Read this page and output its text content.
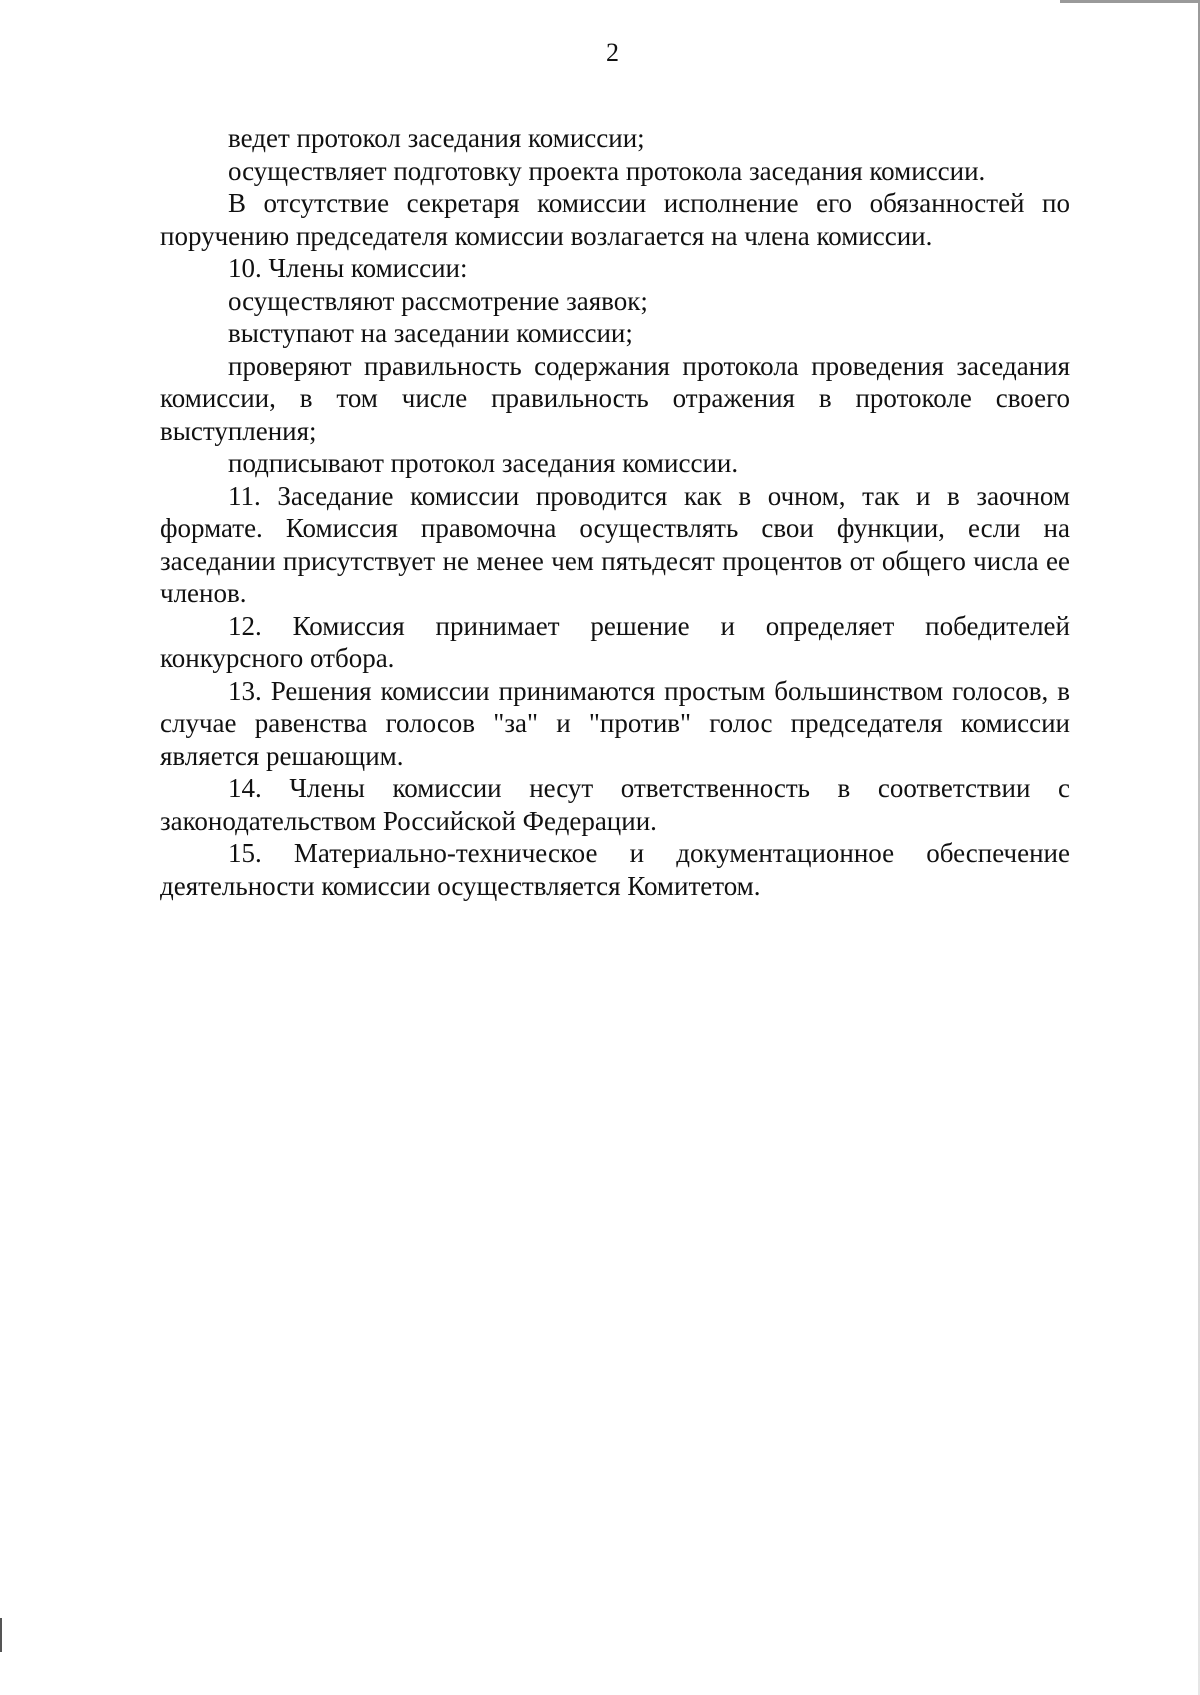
2

ведет протокол заседания комиссии;

осуществляет подготовку проекта протокола заседания комиссии.

В отсутствие секретаря комиссии исполнение его обязанностей по поручению председателя комиссии возлагается на члена комиссии.

10. Члены комиссии:

осуществляют рассмотрение заявок;

выступают на заседании комиссии;

проверяют правильность содержания протокола проведения заседания комиссии, в том числе правильность отражения в протоколе своего выступления;

подписывают протокол заседания комиссии.

11. Заседание комиссии проводится как в очном, так и в заочном формате. Комиссия правомочна осуществлять свои функции, если на заседании присутствует не менее чем пятьдесят процентов от общего числа ее членов.

12. Комиссия принимает решение и определяет победителей конкурсного отбора.

13. Решения комиссии принимаются простым большинством голосов, в случае равенства голосов "за" и "против" голос председателя комиссии является решающим.

14. Члены комиссии несут ответственность в соответствии с законодательством Российской Федерации.

15. Материально-техническое и документационное обеспечение деятельности комиссии осуществляется Комитетом.
